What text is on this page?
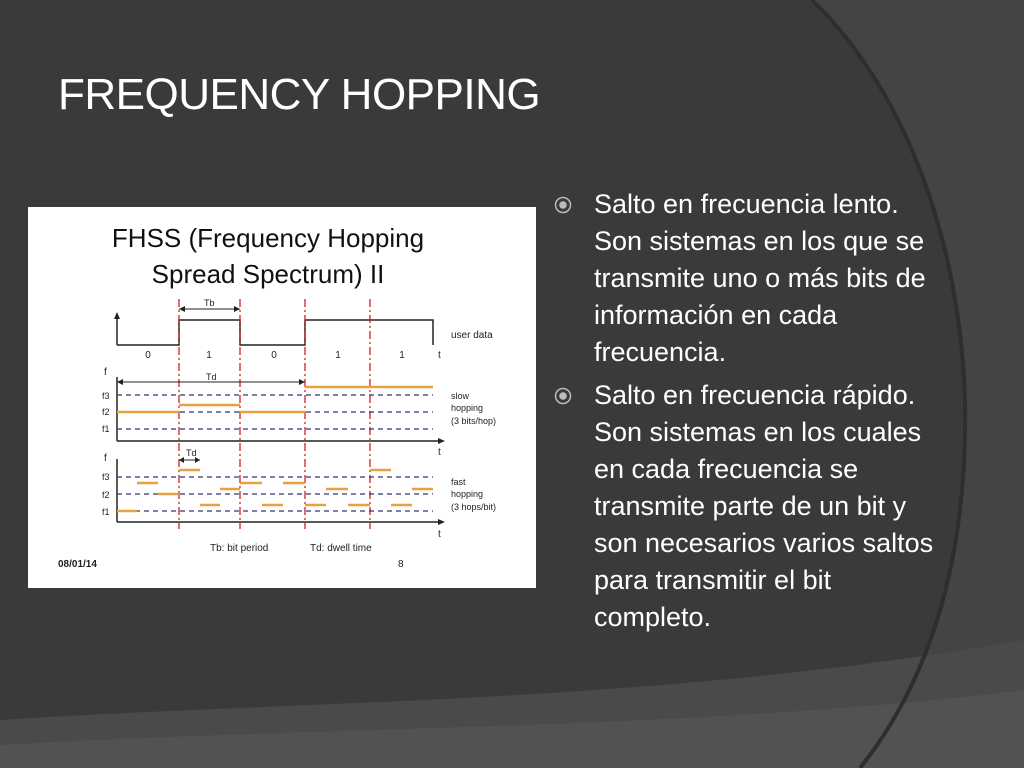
FREQUENCY HOPPING
FHSS (Frequency Hopping
Spread Spectrum) II
0	1	0	1	1	t
user data
Tb
f
f3
f2
f1
Td
t
slow
hopping
(3 bits/hop)
f
f3
f2
f1
Td
t
fast
hopping
(3 hops/bit)
Tb: bit period	Td: dwell time
08/01/14	8
Salto en frecuencia lento. Son sistemas en los que se transmite uno o más bits de información en cada frecuencia.
Salto en frecuencia rápido. Son sistemas en los cuales en cada frecuencia se transmite parte de un bit y son necesarios varios saltos para transmitir el bit completo.
